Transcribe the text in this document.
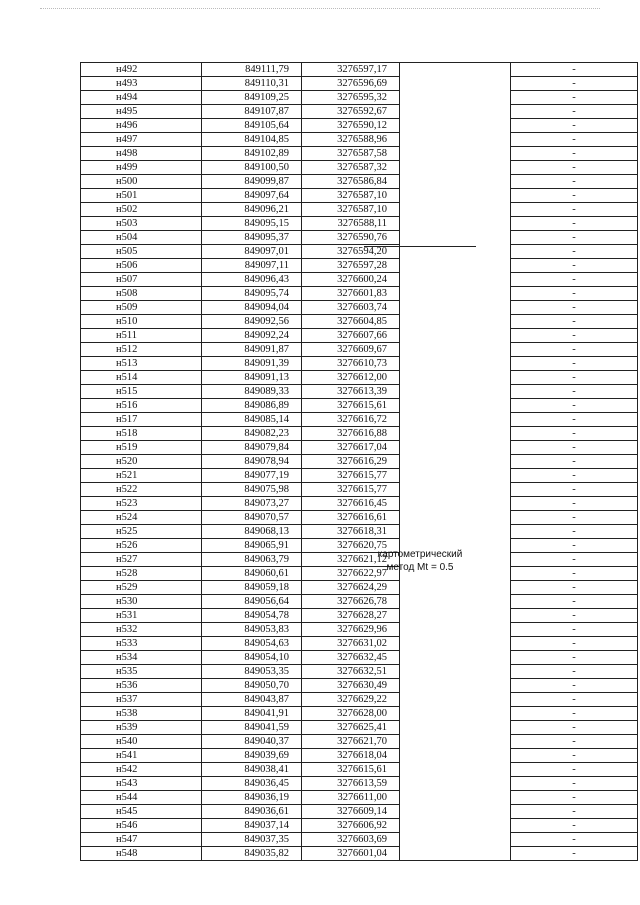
н492	849111,79	3276597,17		-
н493	849110,31	3276596,69		-
н494	849109,25	3276595,32		-
н495	849107,87	3276592,67		-
н496	849105,64	3276590,12		-
н497	849104,85	3276588,96		-
н498	849102,89	3276587,58		-
н499	849100,50	3276587,32		-
н500	849099,87	3276586,84		-
н501	849097,64	3276587,10		-
н502	849096,21	3276587,10		-
н503	849095,15	3276588,11		-
н504	849095,37	3276590,76		-
н505	849097,01	3276594,20		-
н506	849097,11	3276597,28		-
н507	849096,43	3276600,24		-
н508	849095,74	3276601,83		-
н509	849094,04	3276603,74		-
н510	849092,56	3276604,85		-
н511	849092,24	3276607,66		-
н512	849091,87	3276609,67		-
н513	849091,39	3276610,73		-
н514	849091,13	3276612,00		-
н515	849089,33	3276613,39		-
н516	849086,89	3276615,61		-
н517	849085,14	3276616,72		-
н518	849082,23	3276616,88		-
н519	849079,84	3276617,04		-
н520	849078,94	3276616,29		-
н521	849077,19	3276615,77		-
н522	849075,98	3276615,77		-
н523	849073,27	3276616,45		-
н524	849070,57	3276616,61		-
н525	849068,13	3276618,31		-
н526	849065,91	3276620,75		-
н527	849063,79	3276621,12		-
н528	849060,61	3276622,97		-
н529	849059,18	3276624,29		-
н530	849056,64	3276626,78		-
н531	849054,78	3276628,27		-
н532	849053,83	3276629,96		-
н533	849054,63	3276631,02		-
н534	849054,10	3276632,45		-
н535	849053,35	3276632,51		-
н536	849050,70	3276630,49		-
н537	849043,87	3276629,22		-
н538	849041,91	3276628,00		-
н539	849041,59	3276625,41		-
н540	849040,37	3276621,70		-
н541	849039,69	3276618,04		-
н542	849038,41	3276615,61		-
н543	849036,45	3276613,59		-
н544	849036,19	3276611,00		-
н545	849036,61	3276609,14		-
н546	849037,14	3276606,92		-
н547	849037,35	3276603,69		-
н548	849035,82	3276601,04		-
картометрический
метод Mt = 0.5
